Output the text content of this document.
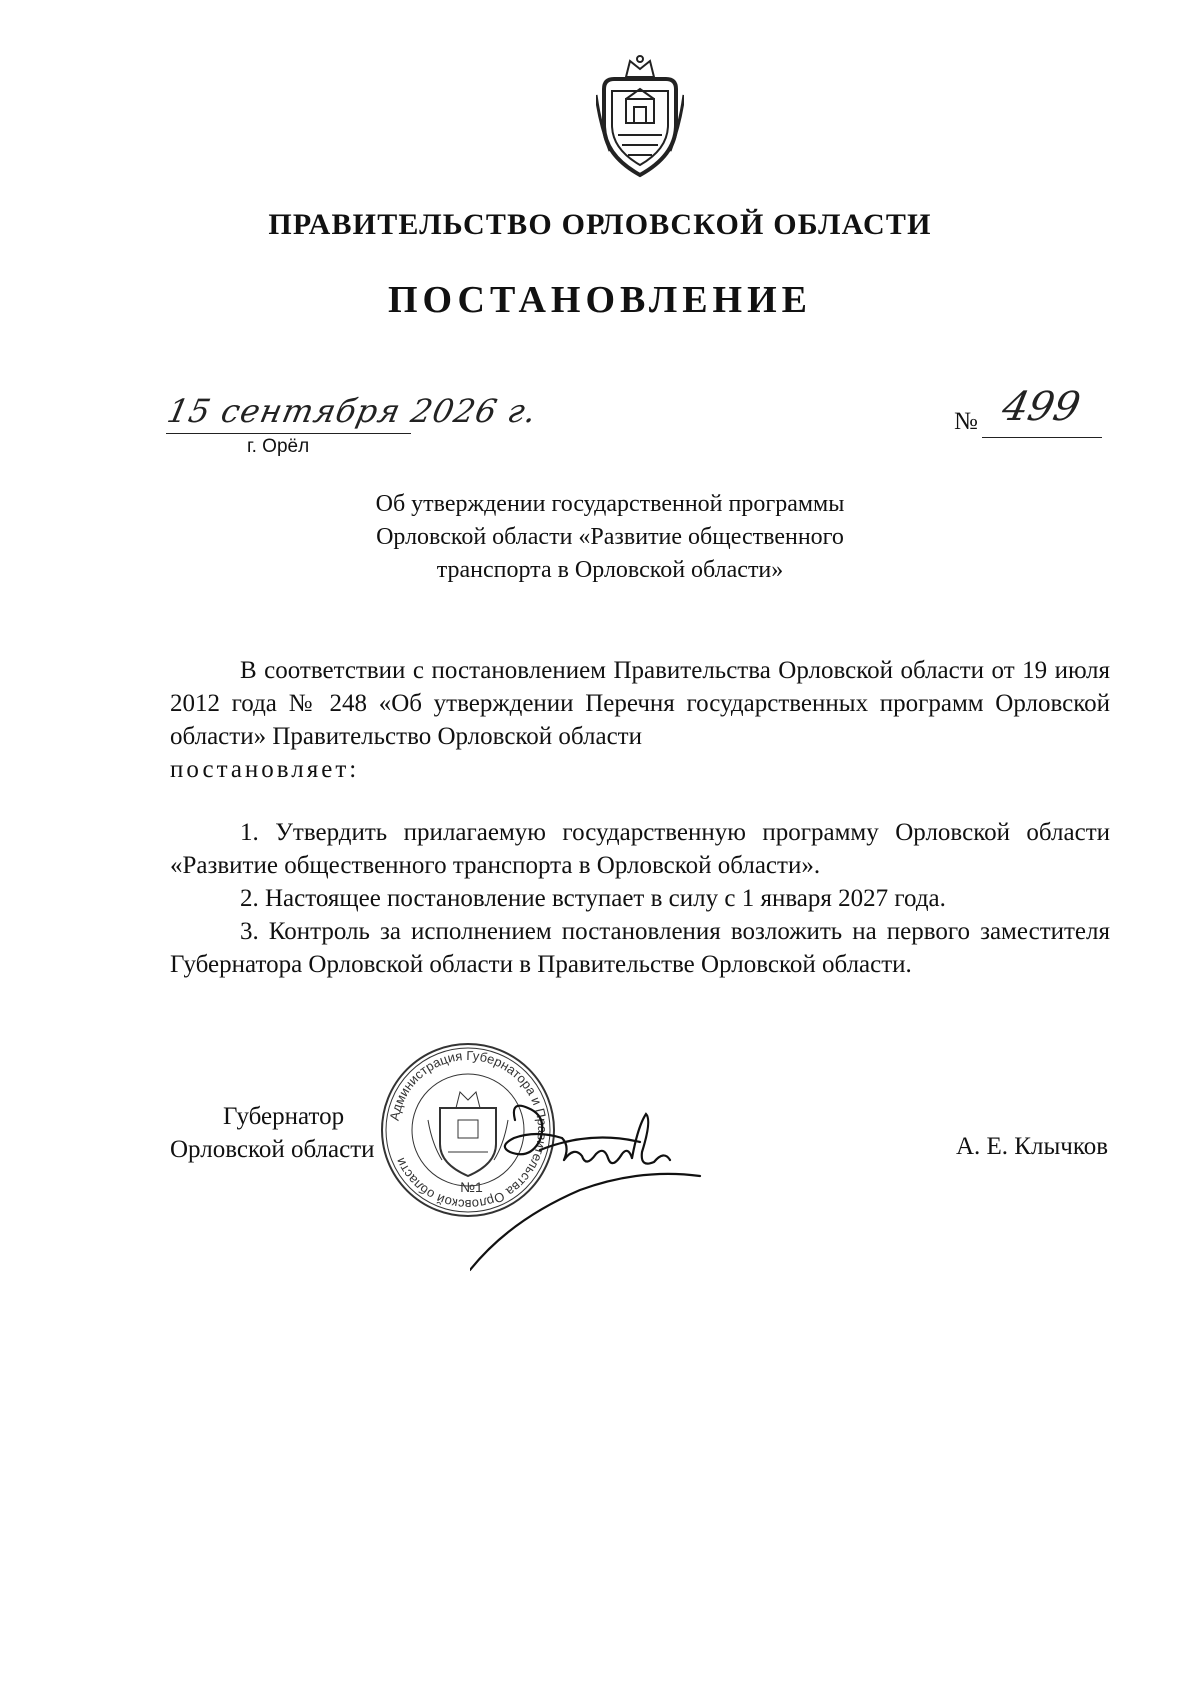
ПРАВИТЕЛЬСТВО ОРЛОВСКОЙ ОБЛАСТИ
ПОСТАНОВЛЕНИЕ
15 сентября 2026 г.
г. Орёл
№ 499
Об утверждении государственной программы
Орловской области «Развитие общественного
транспорта в Орловской области»
В соответствии с постановлением Правительства Орловской области от 19 июля 2012 года № 248 «Об утверждении Перечня государственных программ Орловской области» Правительство Орловской области
постановляет:

1. Утвердить прилагаемую государственную программу Орловской области «Развитие общественного транспорта в Орловской области».

2. Настоящее постановление вступает в силу с 1 января 2027 года.

3. Контроль за исполнением постановления возложить на первого заместителя Губернатора Орловской области в Правительстве Орловской области.

Губернатор
Орловской области
Администрация Губернатора и Правительства Орловской области
№1
А. Е. Клычков
